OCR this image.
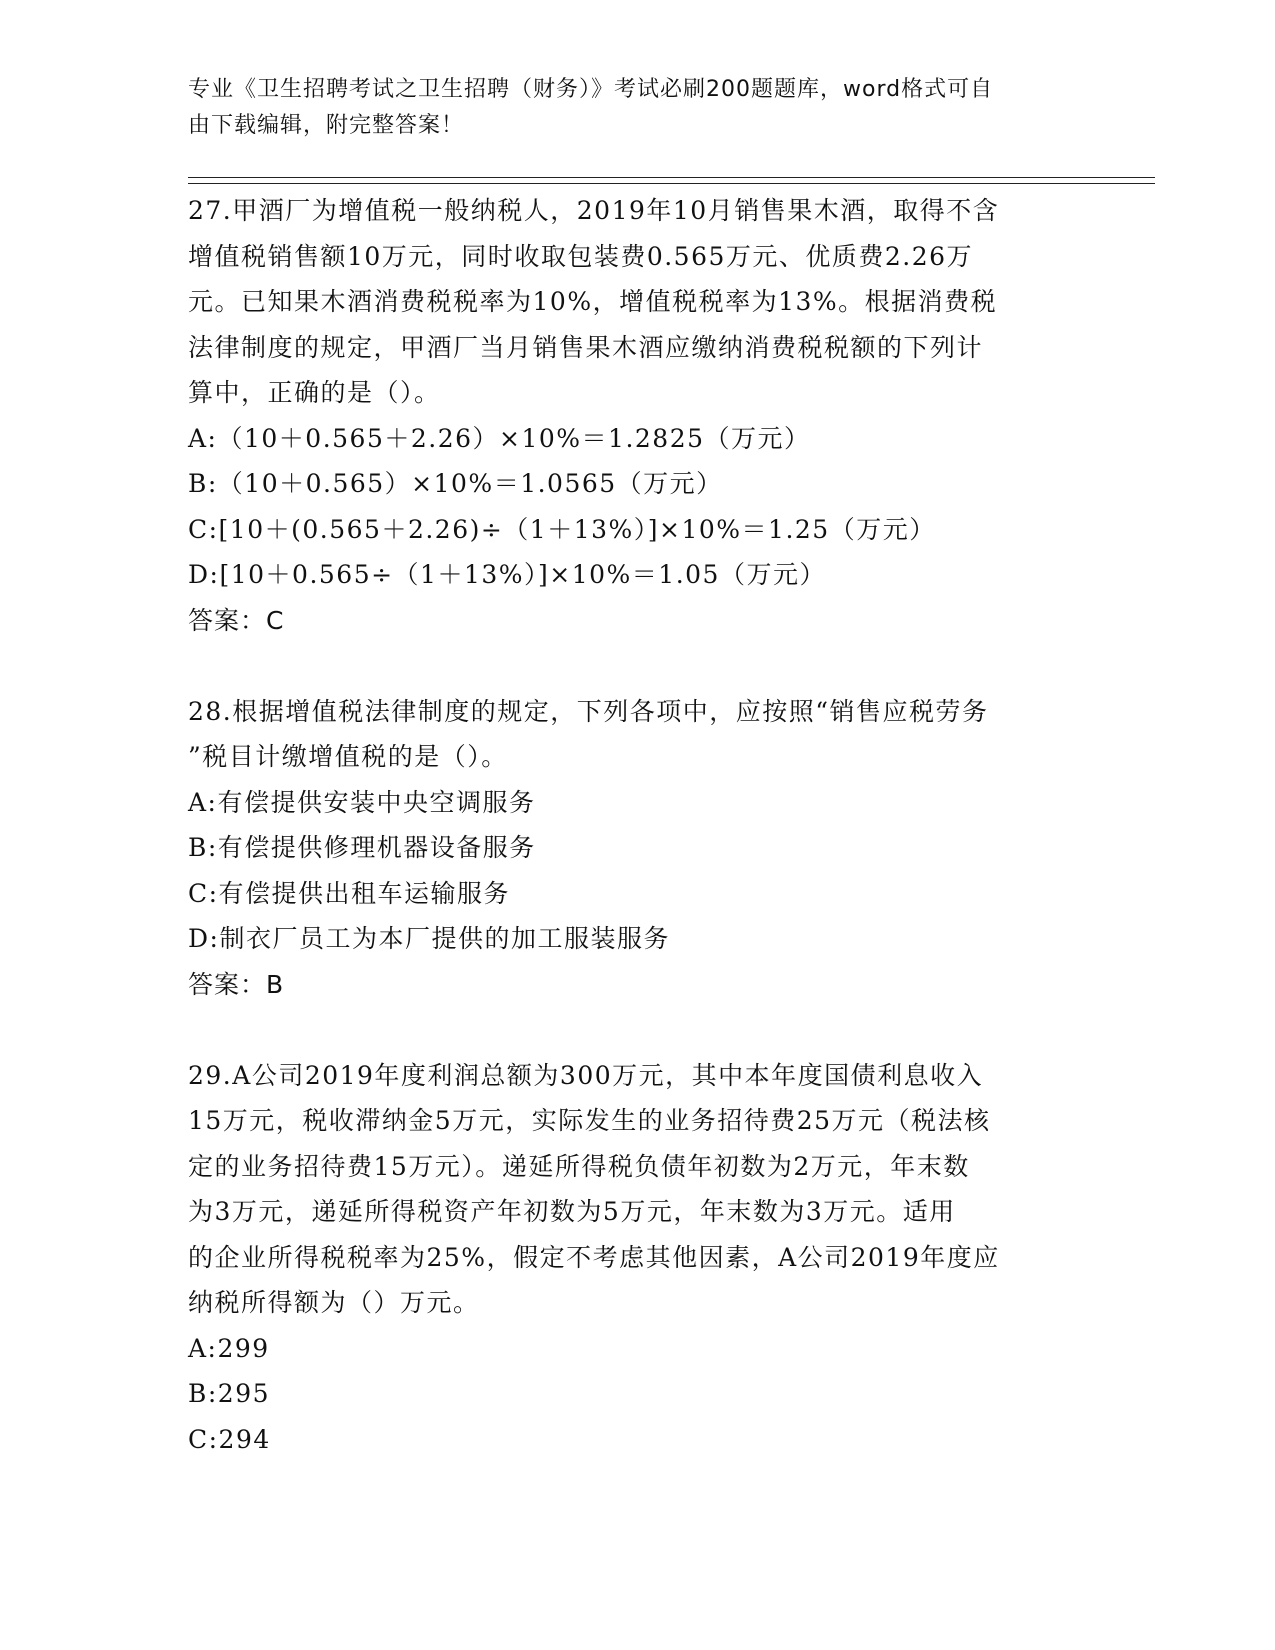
专业《卫生招聘考试之卫生招聘（财务）》考试必刷200题题库，word格式可自
由下载编辑，附完整答案！
27.甲酒厂为增值税一般纳税人，2019年10月销售果木酒，取得不含
增值税销售额10万元，同时收取包装费0.565万元、优质费2.26万
元。已知果木酒消费税税率为10%，增值税税率为13%。根据消费税
法律制度的规定，甲酒厂当月销售果木酒应缴纳消费税税额的下列计
算中，正确的是（）。
A:（10＋0.565＋2.26）×10%＝1.2825（万元）
B:（10＋0.565）×10%＝1.0565（万元）
C:[10＋(0.565＋2.26)÷（1＋13%）]×10%＝1.25（万元）
D:[10＋0.565÷（1＋13%）]×10%＝1.05（万元）
答案：C
28.根据增值税法律制度的规定，下列各项中，应按照“销售应税劳务
”税目计缴增值税的是（）。
A:有偿提供安装中央空调服务
B:有偿提供修理机器设备服务
C:有偿提供出租车运输服务
D:制衣厂员工为本厂提供的加工服装服务
答案：B
29.A公司2019年度利润总额为300万元，其中本年度国债利息收入
15万元，税收滞纳金5万元，实际发生的业务招待费25万元（税法核
定的业务招待费15万元）。递延所得税负债年初数为2万元，年末数
为3万元，递延所得税资产年初数为5万元，年末数为3万元。适用
的企业所得税税率为25%，假定不考虑其他因素，A公司2019年度应
纳税所得额为（）万元。
A:299
B:295
C:294
